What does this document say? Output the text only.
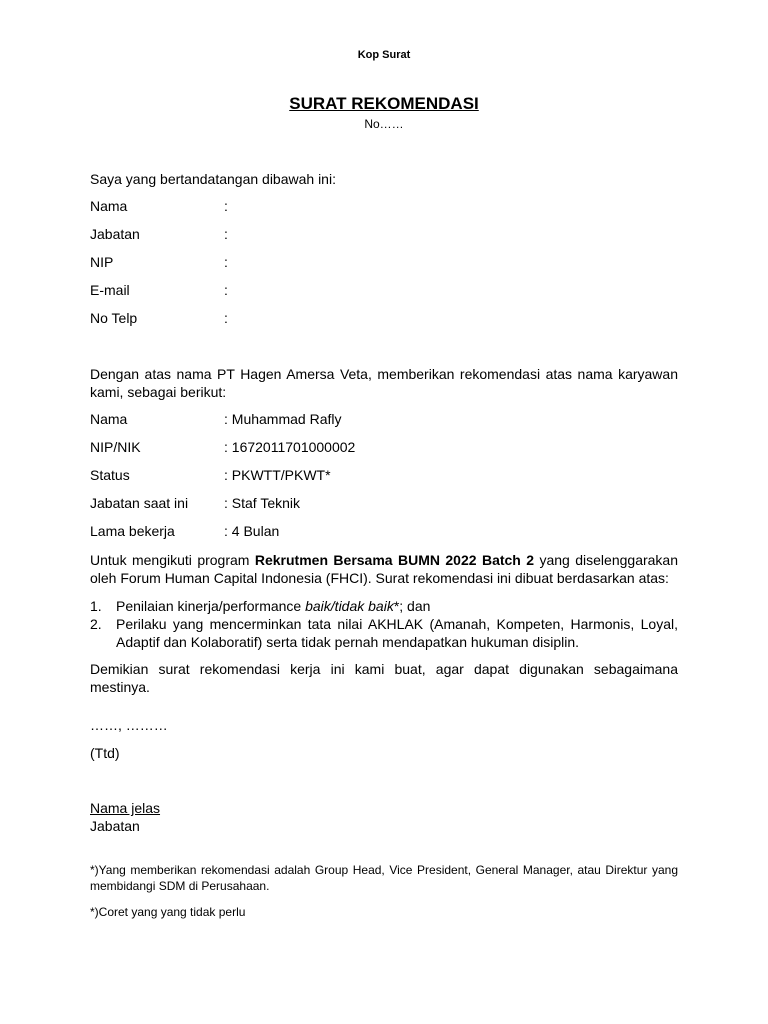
Kop Surat

SURAT REKOMENDASI

No……

Saya yang bertandatangan dibawah ini:

Nama	:
Jabatan	:
NIP	:
E-mail	:
No Telp	:

Dengan atas nama PT Hagen Amersa Veta, memberikan rekomendasi atas nama karyawan kami, sebagai berikut:

Nama	: Muhammad Rafly
NIP/NIK	: 1672011701000002
Status	: PKWTT/PKWT*
Jabatan saat ini	: Staf Teknik
Lama bekerja	: 4 Bulan

Untuk mengikuti program Rekrutmen Bersama BUMN 2022 Batch 2 yang diselenggarakan oleh Forum Human Capital Indonesia (FHCI). Surat rekomendasi ini dibuat berdasarkan atas:

1. Penilaian kinerja/performance baik/tidak baik*; dan
2. Perilaku yang mencerminkan tata nilai AKHLAK (Amanah, Kompeten, Harmonis, Loyal, Adaptif dan Kolaboratif) serta tidak pernah mendapatkan hukuman disiplin.

Demikian surat rekomendasi kerja ini kami buat, agar dapat digunakan sebagaimana mestinya.

……, ………

(Ttd)

Nama jelas

Jabatan

*)Yang memberikan rekomendasi adalah Group Head, Vice President, General Manager, atau Direktur yang membidangi SDM di Perusahaan.

*)Coret yang yang tidak perlu
